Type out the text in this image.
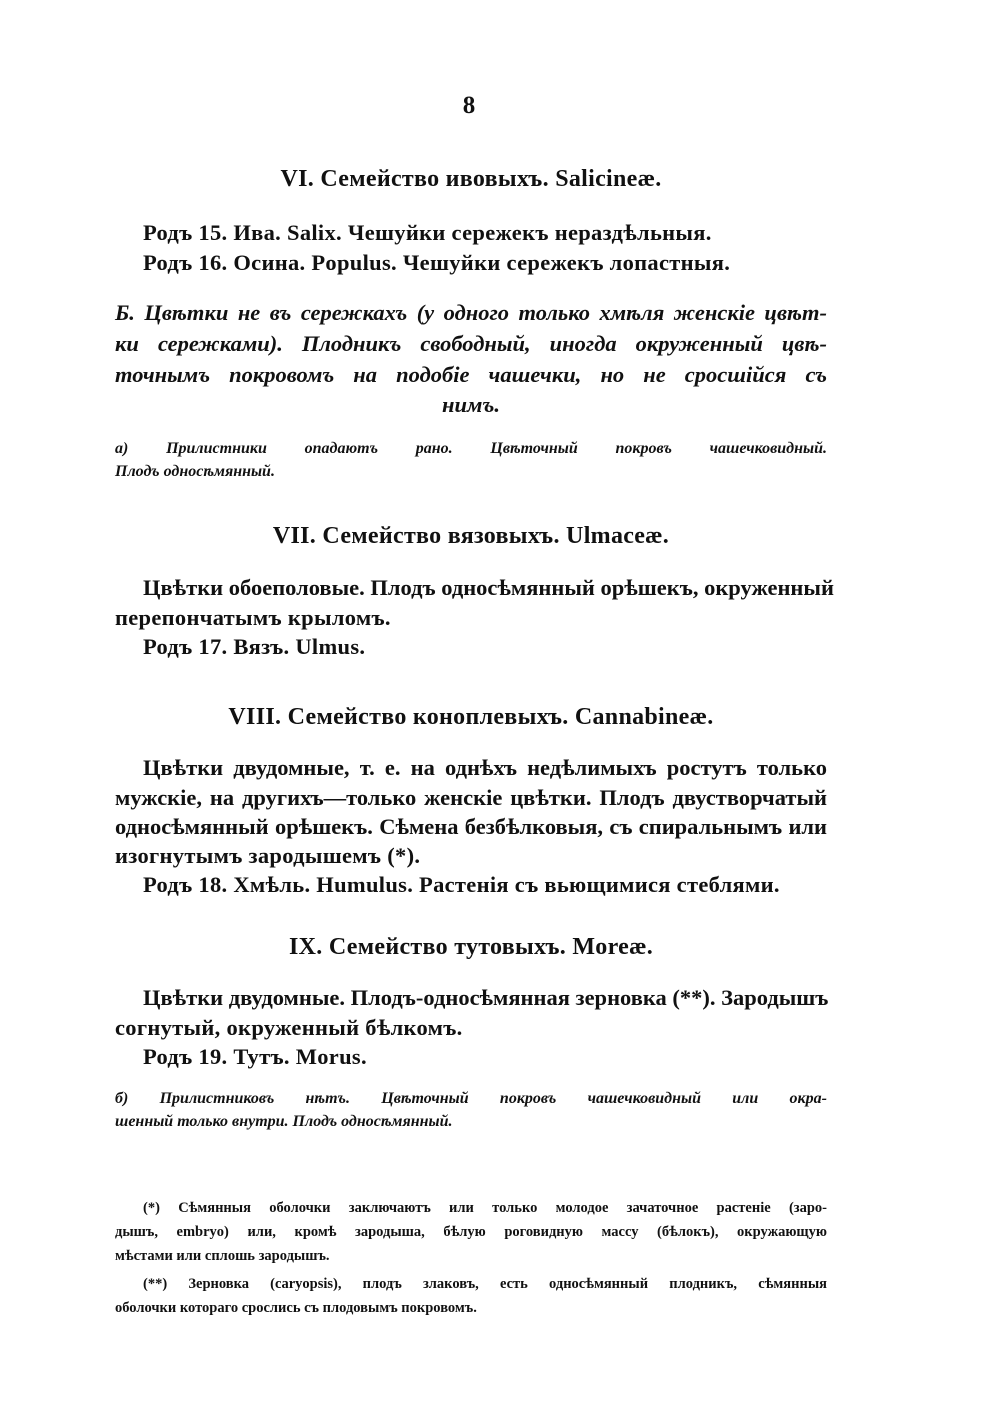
8
VI. Семейство ивовыхъ. Salicineæ.
Родъ 15. Ива. Salix. Чешуйки сережекъ нераздѣльныя.
Родъ 16. Осина. Populus. Чешуйки сережекъ лопастныя.
Б. Цвѣтки не въ сережкахъ (у одного только хмѣля женскіе цвѣт-
ки сережками). Плодникъ свободный, иногда окруженный цвѣ-
точнымъ покровомъ на подобіе чашечки, но не сросшійся съ
нимъ.
а) Прилистники опадаютъ рано. Цвѣточный покровъ чашечковидный.
Плодъ односѣмянный.
VII. Семейство вязовыхъ. Ulmaceæ.
Цвѣтки обоеполовые. Плодъ односѣмянный орѣшекъ, окруженный
перепончатымъ крыломъ.
Родъ 17. Вязъ. Ulmus.
VIII. Семейство коноплевыхъ. Cannabineæ.
Цвѣтки двудомные, т. е. на однѣхъ недѣлимыхъ ростутъ только
мужскіе, на другихъ—только женскіе цвѣтки. Плодъ двустворчатый
односѣмянный орѣшекъ. Сѣмена безбѣлковыя, съ спиральнымъ или
изогнутымъ зародышемъ (*).
Родъ 18. Хмѣль. Humulus. Растенія съ вьющимися стеблями.
IX. Семейство тутовыхъ. Moreæ.
Цвѣтки двудомные. Плодъ-односѣмянная зерновка (**). Зародышъ
согнутый, окруженный бѣлкомъ.
Родъ 19. Тутъ. Morus.
б) Прилистниковъ нѣтъ. Цвѣточный покровъ чашечковидный или окра-
шенный только внутри. Плодъ односѣмянный.
(*) Сѣмянныя оболочки заключаютъ или только молодое зачаточное растеніе (заро-
дышъ, embryo) или, кромѣ зародыша, бѣлую роговидную массу (бѣлокъ), окружающую
мѣстами или сплошь зародышъ.
(**) Зерновка (caryopsis), плодъ злаковъ, есть односѣмянный плодникъ, сѣмянныя
оболочки котораго срослись съ плодовымъ покровомъ.
